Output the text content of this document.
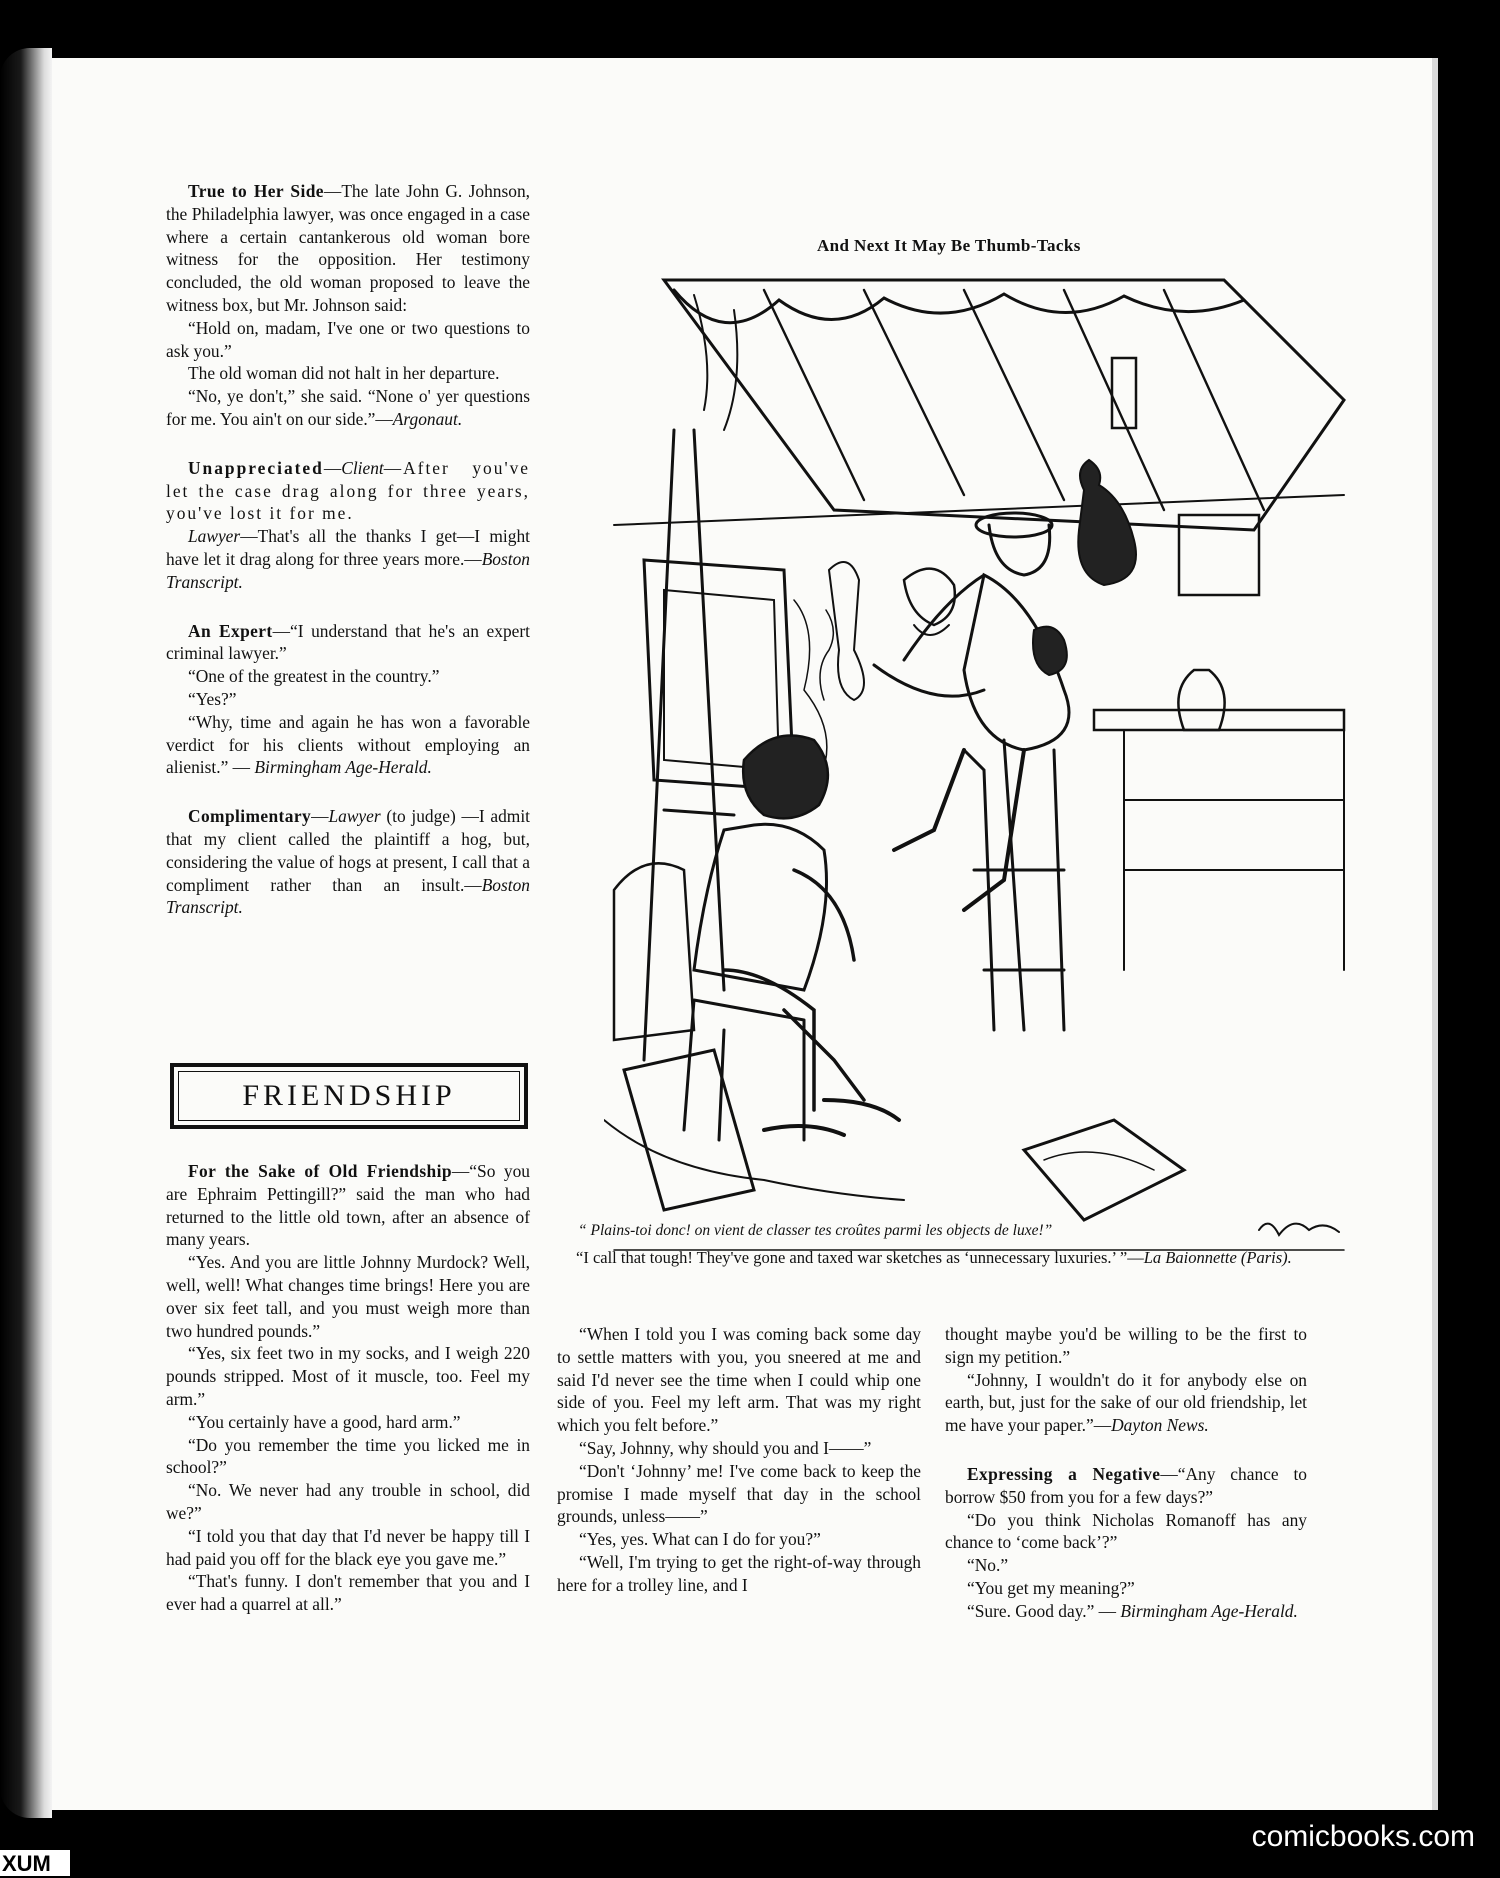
True to Her Side—The late John G. Johnson, the Philadelphia lawyer, was once engaged in a case where a certain cantankerous old woman bore witness for the opposition. Her testimony concluded, the old woman proposed to leave the witness box, but Mr. Johnson said:

“Hold on, madam, I've one or two questions to ask you.”

The old woman did not halt in her departure.

“No, ye don't,” she said. “None o' yer questions for me. You ain't on our side.”—Argonaut.

Unappreciated—Client—After you've let the case drag along for three years, you've lost it for me.

Lawyer—That's all the thanks I get—I might have let it drag along for three years more.—Boston Transcript.

An Expert—“I understand that he's an expert criminal lawyer.”

“One of the greatest in the country.”

“Yes?”

“Why, time and again he has won a favorable verdict for his clients without employing an alienist.” — Birmingham Age-Herald.

Complimentary—Lawyer (to judge) —I admit that my client called the plaintiff a hog, but, considering the value of hogs at present, I call that a compliment rather than an insult.—Boston Transcript.

FRIENDSHIP

For the Sake of Old Friendship—“So you are Ephraim Pettingill?” said the man who had returned to the little old town, after an absence of many years.

“Yes. And you are little Johnny Murdock? Well, well, well! What changes time brings! Here you are over six feet tall, and you must weigh more than two hundred pounds.”

“Yes, six feet two in my socks, and I weigh 220 pounds stripped. Most of it muscle, too. Feel my arm.”

“You certainly have a good, hard arm.”

“Do you remember the time you licked me in school?”

“No. We never had any trouble in school, did we?”

“I told you that day that I'd never be happy till I had paid you off for the black eye you gave me.”

“That's funny. I don't remember that you and I ever had a quarrel at all.”

And Next It May Be Thumb-Tacks
“ Plains-toi donc! on vient de classer tes croûtes parmi les objects de luxe!”
“I call that tough! They've gone and taxed war sketches as ‘unnecessary luxuries.’ ”—La Baionnette (Paris).

“When I told you I was coming back some day to settle matters with you, you sneered at me and said I'd never see the time when I could whip one side of you. Feel my left arm. That was my right which you felt before.”

“Say, Johnny, why should you and I——”

“Don't ‘Johnny’ me! I've come back to keep the promise I made myself that day in the school grounds, unless——”

“Yes, yes. What can I do for you?”

“Well, I'm trying to get the right-of-way through here for a trolley line, and I

thought maybe you'd be willing to be the first to sign my petition.”

“Johnny, I wouldn't do it for anybody else on earth, but, just for the sake of our old friendship, let me have your paper.”—Dayton News.

Expressing a Negative—“Any chance to borrow $50 from you for a few days?”

“Do you think Nicholas Romanoff has any chance to ‘come back’?”

“No.”

“You get my meaning?”

“Sure. Good day.” — Birmingham Age-Herald.

comicbooks.com
XUM
